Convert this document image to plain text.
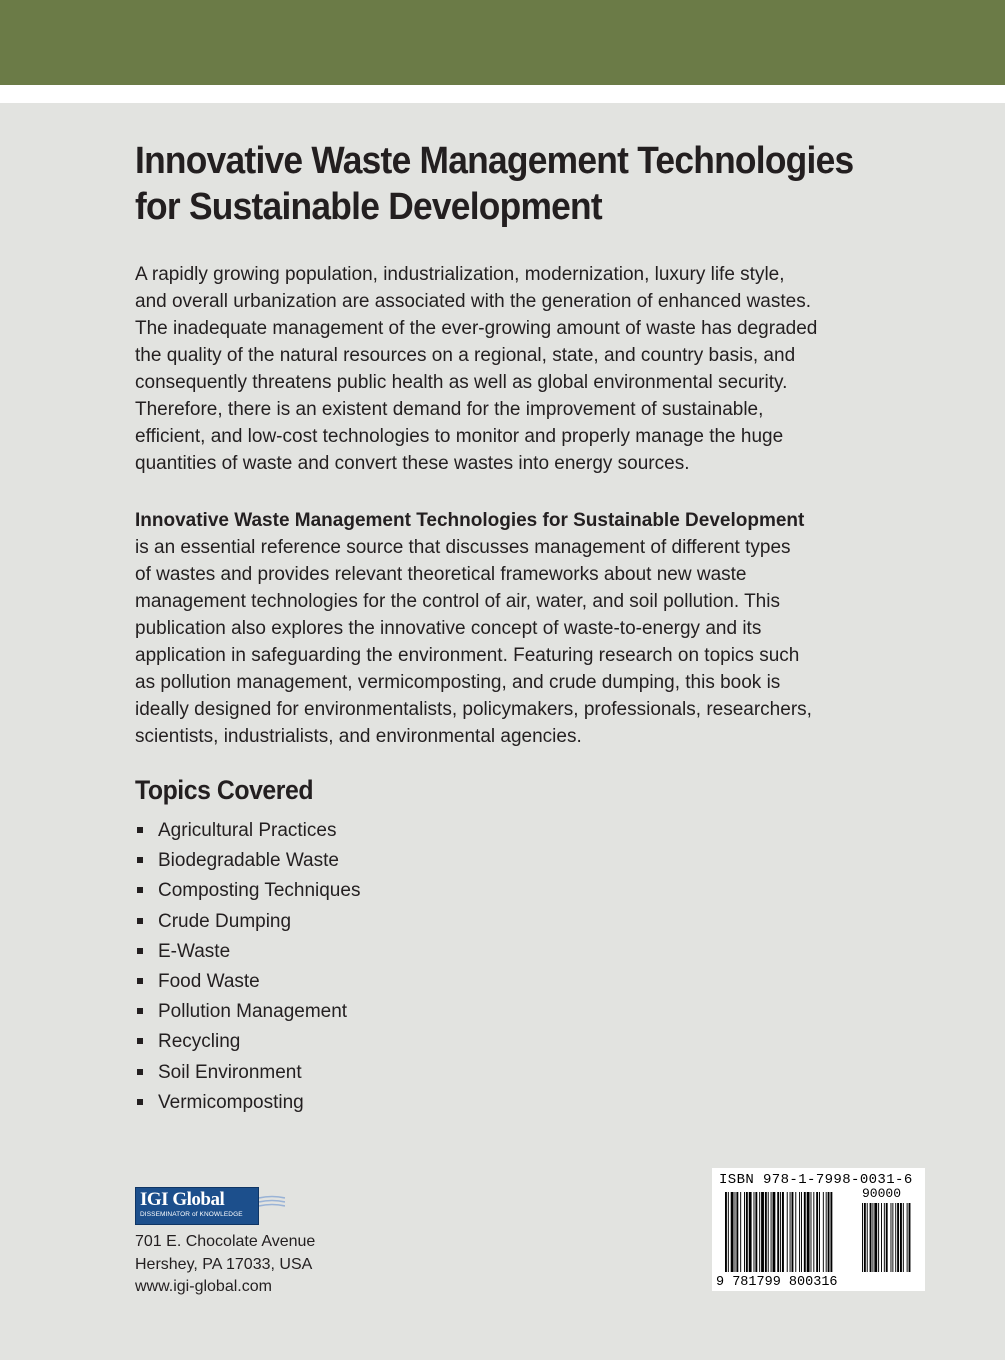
Innovative Waste Management Technologies
for Sustainable Development

A rapidly growing population, industrialization, modernization, luxury life style,
and overall urbanization are associated with the generation of enhanced wastes.
The inadequate management of the ever-growing amount of waste has degraded
the quality of the natural resources on a regional, state, and country basis, and
consequently threatens public health as well as global environmental security.
Therefore, there is an existent demand for the improvement of sustainable,
efficient, and low-cost technologies to monitor and properly manage the huge
quantities of waste and convert these wastes into energy sources.

Innovative Waste Management Technologies for Sustainable Development
is an essential reference source that discusses management of different types
of wastes and provides relevant theoretical frameworks about new waste
management technologies for the control of air, water, and soil pollution. This
publication also explores the innovative concept of waste-to-energy and its
application in safeguarding the environment. Featuring research on topics such
as pollution management, vermicomposting, and crude dumping, this book is
ideally designed for environmentalists, policymakers, professionals, researchers,
scientists, industrialists, and environmental agencies.

Topics Covered
Agricultural Practices
Biodegradable Waste
Composting Techniques
Crude Dumping
E-Waste
Food Waste
Pollution Management
Recycling
Soil Environment
Vermicomposting
IGI Global
DISSEMINATOR of KNOWLEDGE
701 E. Chocolate Avenue
Hershey, PA 17033, USA
www.igi-global.com
ISBN 978-1-7998-0031-6
90000
9 781799 800316
